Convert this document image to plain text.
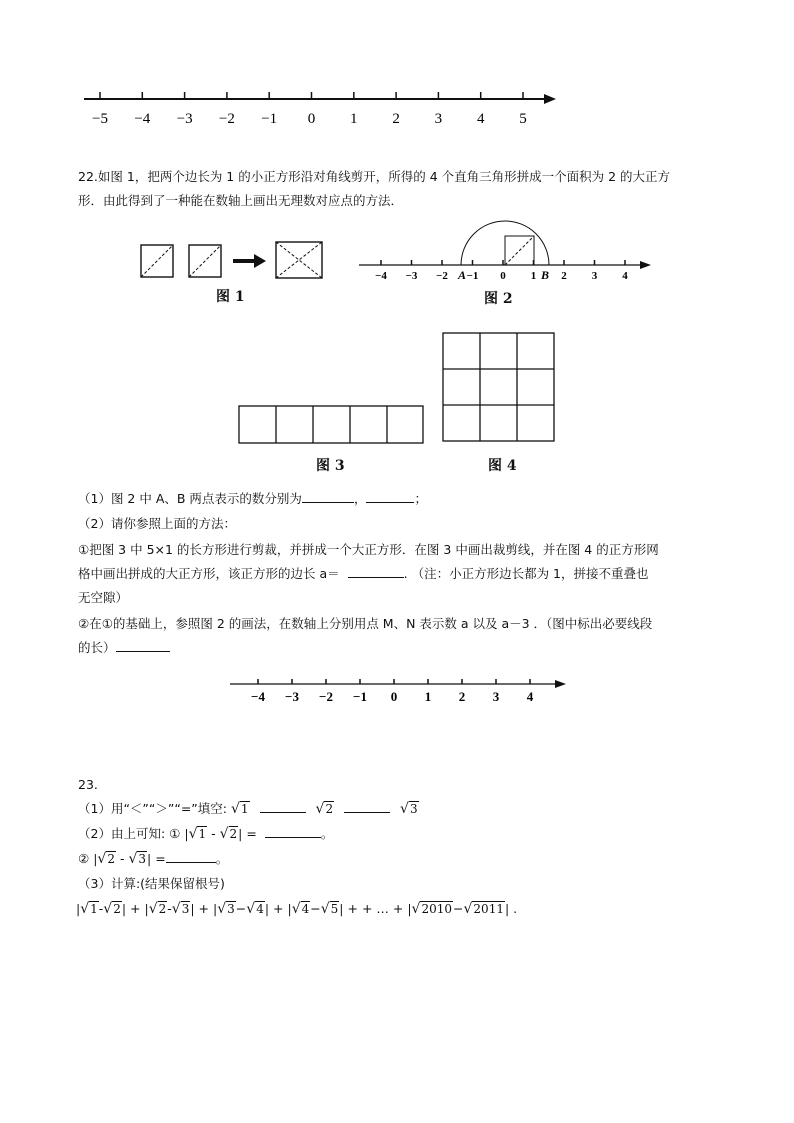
−5 −4 −3 −2 −1 0 1 2 3 4 5
22.如图 1，把两个边长为 1 的小正方形沿对角线剪开，所得的 4 个直角三角形拼成一个面积为 2 的大正方
形．由此得到了一种能在数轴上画出无理数对应点的方法．
图 1
−4 −3 −2 −1 0 1 2 3 4
A	B
图 2
图 3	图 4
（1）图 2 中 A、B 两点表示的数分别为	，	；
（2）请你参照上面的方法：
①把图 3 中 5×1 的长方形进行剪裁，并拼成一个大正方形．在图 3 中画出裁剪线，并在图 4 的正方形网
格中画出拼成的大正方形，该正方形的边长 a＝	. （注：小正方形边长都为 1，拼接不重叠也
无空隙）
②在①的基础上，参照图 2 的画法，在数轴上分别用点 M、N 表示数 a 以及 a－3 ．（图中标出必要线段
的长）
−4 −3 −2 −1 0 1 2 3 4
23.
（1）用“＜”“＞”“=”填空: √1	√2	√3
（2）由上可知: ① |√1 - √2| =	。
② |√2 - √3| =	。
（3）计算:(结果保留根号)
|√1-√2| + |√2-√3| + |√3−√4| + |√4−√5| + + … + |√2010−√2011| .
